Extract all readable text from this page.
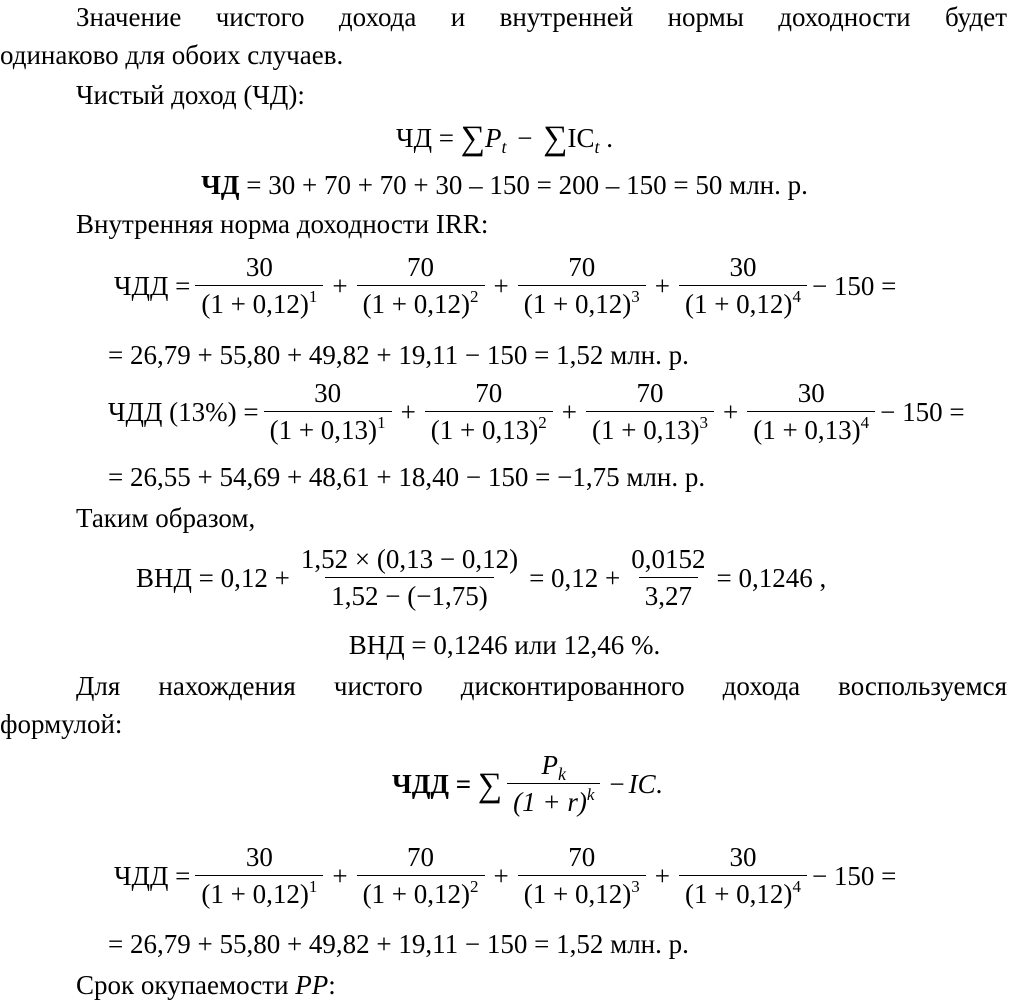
Значение чистого дохода и внутренней нормы доходности будет
одинаково для обоих случаев.
Чистый доход (ЧД):
ЧД = $\sum P_t - \sum IC_t$ .
ЧД = 30 + 70 + 70 + 30 – 150 = 200 – 150 = 50 млн. р.
Внутренняя норма доходности IRR:
ЧДД = $\frac{30}{(1 + 0,12)^1} + \frac{70}{(1 + 0,12)^2} + \frac{70}{(1 + 0,12)^3} + \frac{30}{(1 + 0,12)^4} - 150$ =
= 26,79 + 55,80 + 49,82 + 19,11 − 150 = 1,52 млн. р.
ЧДД $(13\%) = \frac{30}{(1 + 0,13)^1} + \frac{70}{(1 + 0,13)^2} + \frac{70}{(1 + 0,13)^3} + \frac{30}{(1 + 0,13)^4} - 150$ =
= 26,55 + 54,69 + 48,61 + 18,40 − 150 = −1,75 млн. р.
Таким образом,
ВНД = $0,12 + \frac{1,52 \times (0,13 - 0,12)}{1,52 - (-1,75)} = 0,12 + \frac{0,0152}{3,27} = 0,1246$ ,
ВНД = 0,1246 или 12,46 %.
Для нахождения чистого дисконтированного дохода воспользуемся
формулой:
ЧДД
=
∑ $\frac{P_k}{(1 + r)^k}$ − IC .
ЧДД = $\frac{30}{(1 + 0,12)^1} + \frac{70}{(1 + 0,12)^2} + \frac{70}{(1 + 0,12)^3} + \frac{30}{(1 + 0,12)^4} - 150$ =
= 26,79 + 55,80 + 49,82 + 19,11 − 150 = 1,52 млн. р.
Срок окупаемости PP:
